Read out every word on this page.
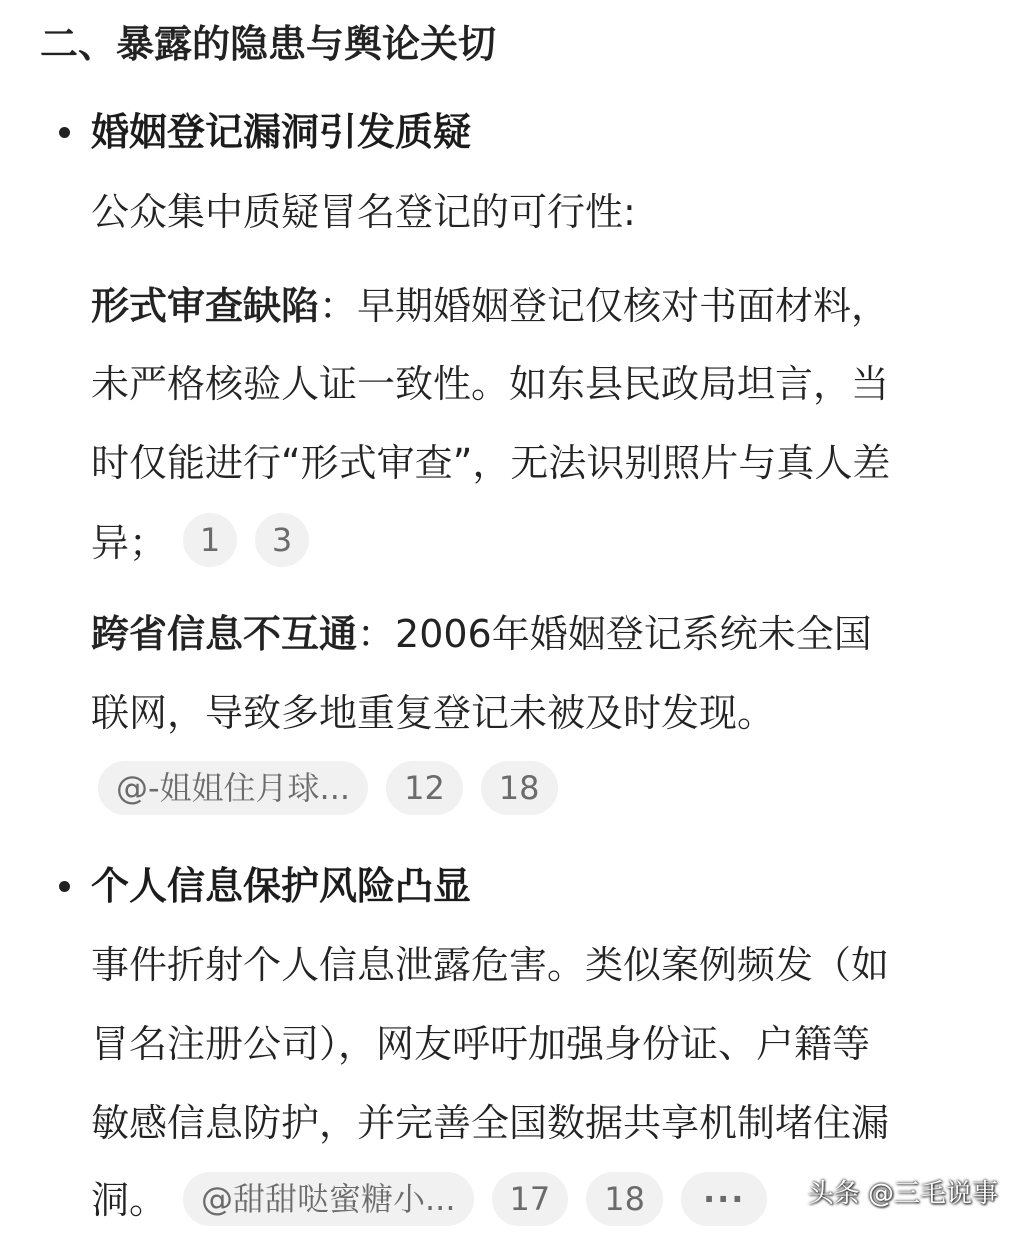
二、暴露的隐患与舆论关切
婚姻登记漏洞引发质疑
公众集中质疑冒名登记的可行性:
形式审查缺陷：早期婚姻登记仅核对书面材料，
未严格核验人证一致性。如东县民政局坦言，当
时仅能进行“形式审查”，无法识别照片与真人差
异；	1	3
跨省信息不互通：2006年婚姻登记系统未全国
联网，导致多地重复登记未被及时发现。
@-姐姐住月球...	12	18
个人信息保护风险凸显
事件折射个人信息泄露危害。类似案例频发（如
冒名注册公司），网友呼吁加强身份证、户籍等
敏感信息防护，并完善全国数据共享机制堵住漏
洞。	@甜甜哒蜜糖小...	17	18	···	头条 @三毛说事
